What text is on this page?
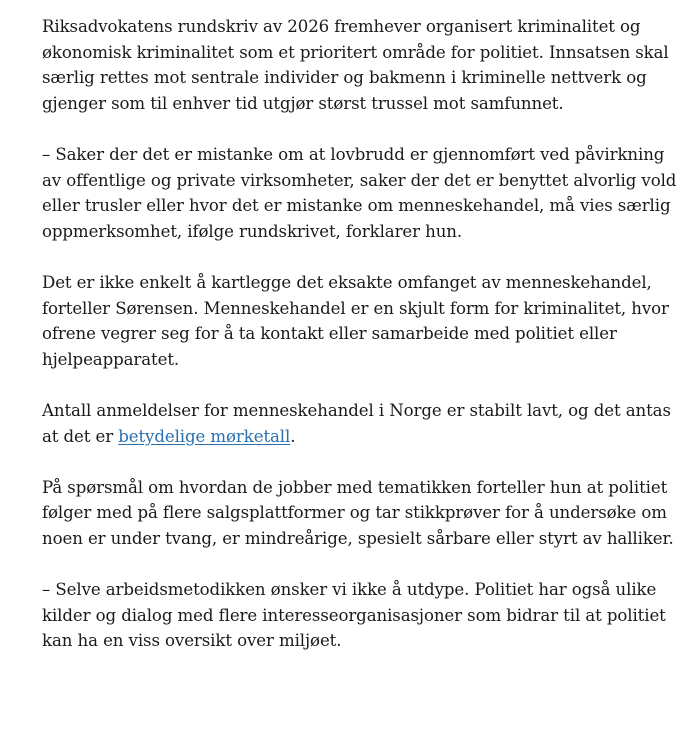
Riksadvokatens rundskriv av 2026 fremhever organisert kriminalitet og økonomisk kriminalitet som et prioritert område for politiet. Innsatsen skal særlig rettes mot sentrale individer og bakmenn i kriminelle nettverk og gjenger som til enhver tid utgjør størst trussel mot samfunnet.

– Saker der det er mistanke om at lovbrudd er gjennomført ved påvirkning av offentlige og private virksomheter, saker der det er benyttet alvorlig vold eller trusler eller hvor det er mistanke om menneskehandel, må vies særlig oppmerksomhet, ifølge rundskrivet, forklarer hun.

Det er ikke enkelt å kartlegge det eksakte omfanget av menneskehandel, forteller Sørensen. Menneskehandel er en skjult form for kriminalitet, hvor ofrene vegrer seg for å ta kontakt eller samarbeide med politiet eller hjelpeapparatet.

Antall anmeldelser for menneskehandel i Norge er stabilt lavt, og det antas at det er betydelige mørketall.

På spørsmål om hvordan de jobber med tematikken forteller hun at politiet følger med på flere salgsplattformer og tar stikkprøver for å undersøke om noen er under tvang, er mindreårige, spesielt sårbare eller styrt av halliker.

– Selve arbeidsmetodikken ønsker vi ikke å utdype. Politiet har også ulike kilder og dialog med flere interesseorganisasjoner som bidrar til at politiet kan ha en viss oversikt over miljøet.
